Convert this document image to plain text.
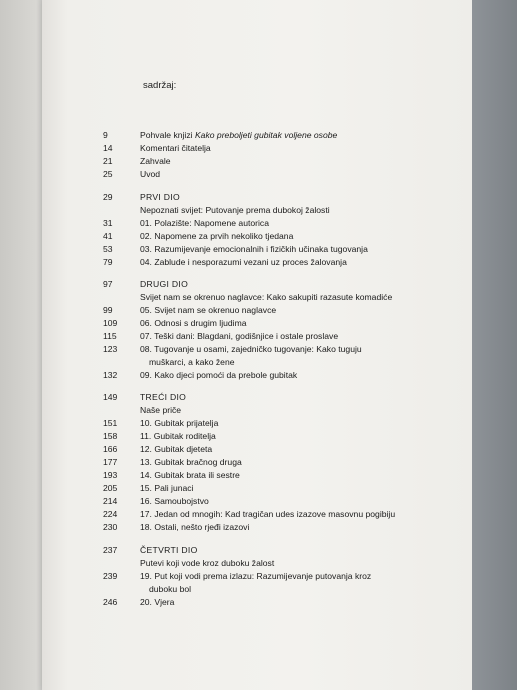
sadržaj:
9	Pohvale knjizi Kako preboljeti gubitak voljene osobe
14	Komentari čitatelja
21	Zahvale
25	Uvod
29	PRVI DIO
Nepoznati svijet: Putovanje prema dubokoj žalosti
31	01. Polazište: Napomene autorica
41	02. Napomene za prvih nekoliko tjedana
53	03. Razumijevanje emocionalnih i fizičkih učinaka tugovanja
79	04. Zablude i nesporazumi vezani uz proces žalovanja
97	DRUGI DIO
Svijet nam se okrenuo naglavce: Kako sakupiti razasute komadiće
99	05. Svijet nam se okrenuo naglavce
109	06. Odnosi s drugim ljudima
115	07. Teški dani: Blagdani, godišnjice i ostale proslave
123	08. Tugovanje u osami, zajedničko tugovanje: Kako tuguju
muškarci, a kako žene
132	09. Kako djeci pomoći da prebole gubitak
149	TREĆI DIO
Naše priče
151	10. Gubitak prijatelja
158	11. Gubitak roditelja
166	12. Gubitak djeteta
177	13. Gubitak bračnog druga
193	14. Gubitak brata ili sestre
205	15. Pali junaci
214	16. Samoubojstvo
224	17. Jedan od mnogih: Kad tragičan udes izazove masovnu pogibiju
230	18. Ostali, nešto rjeđi izazovi
237	ČETVRTI DIO
Putevi koji vode kroz duboku žalost
239	19. Put koji vodi prema izlazu: Razumijevanje putovanja kroz
duboku bol
246	20. Vjera
